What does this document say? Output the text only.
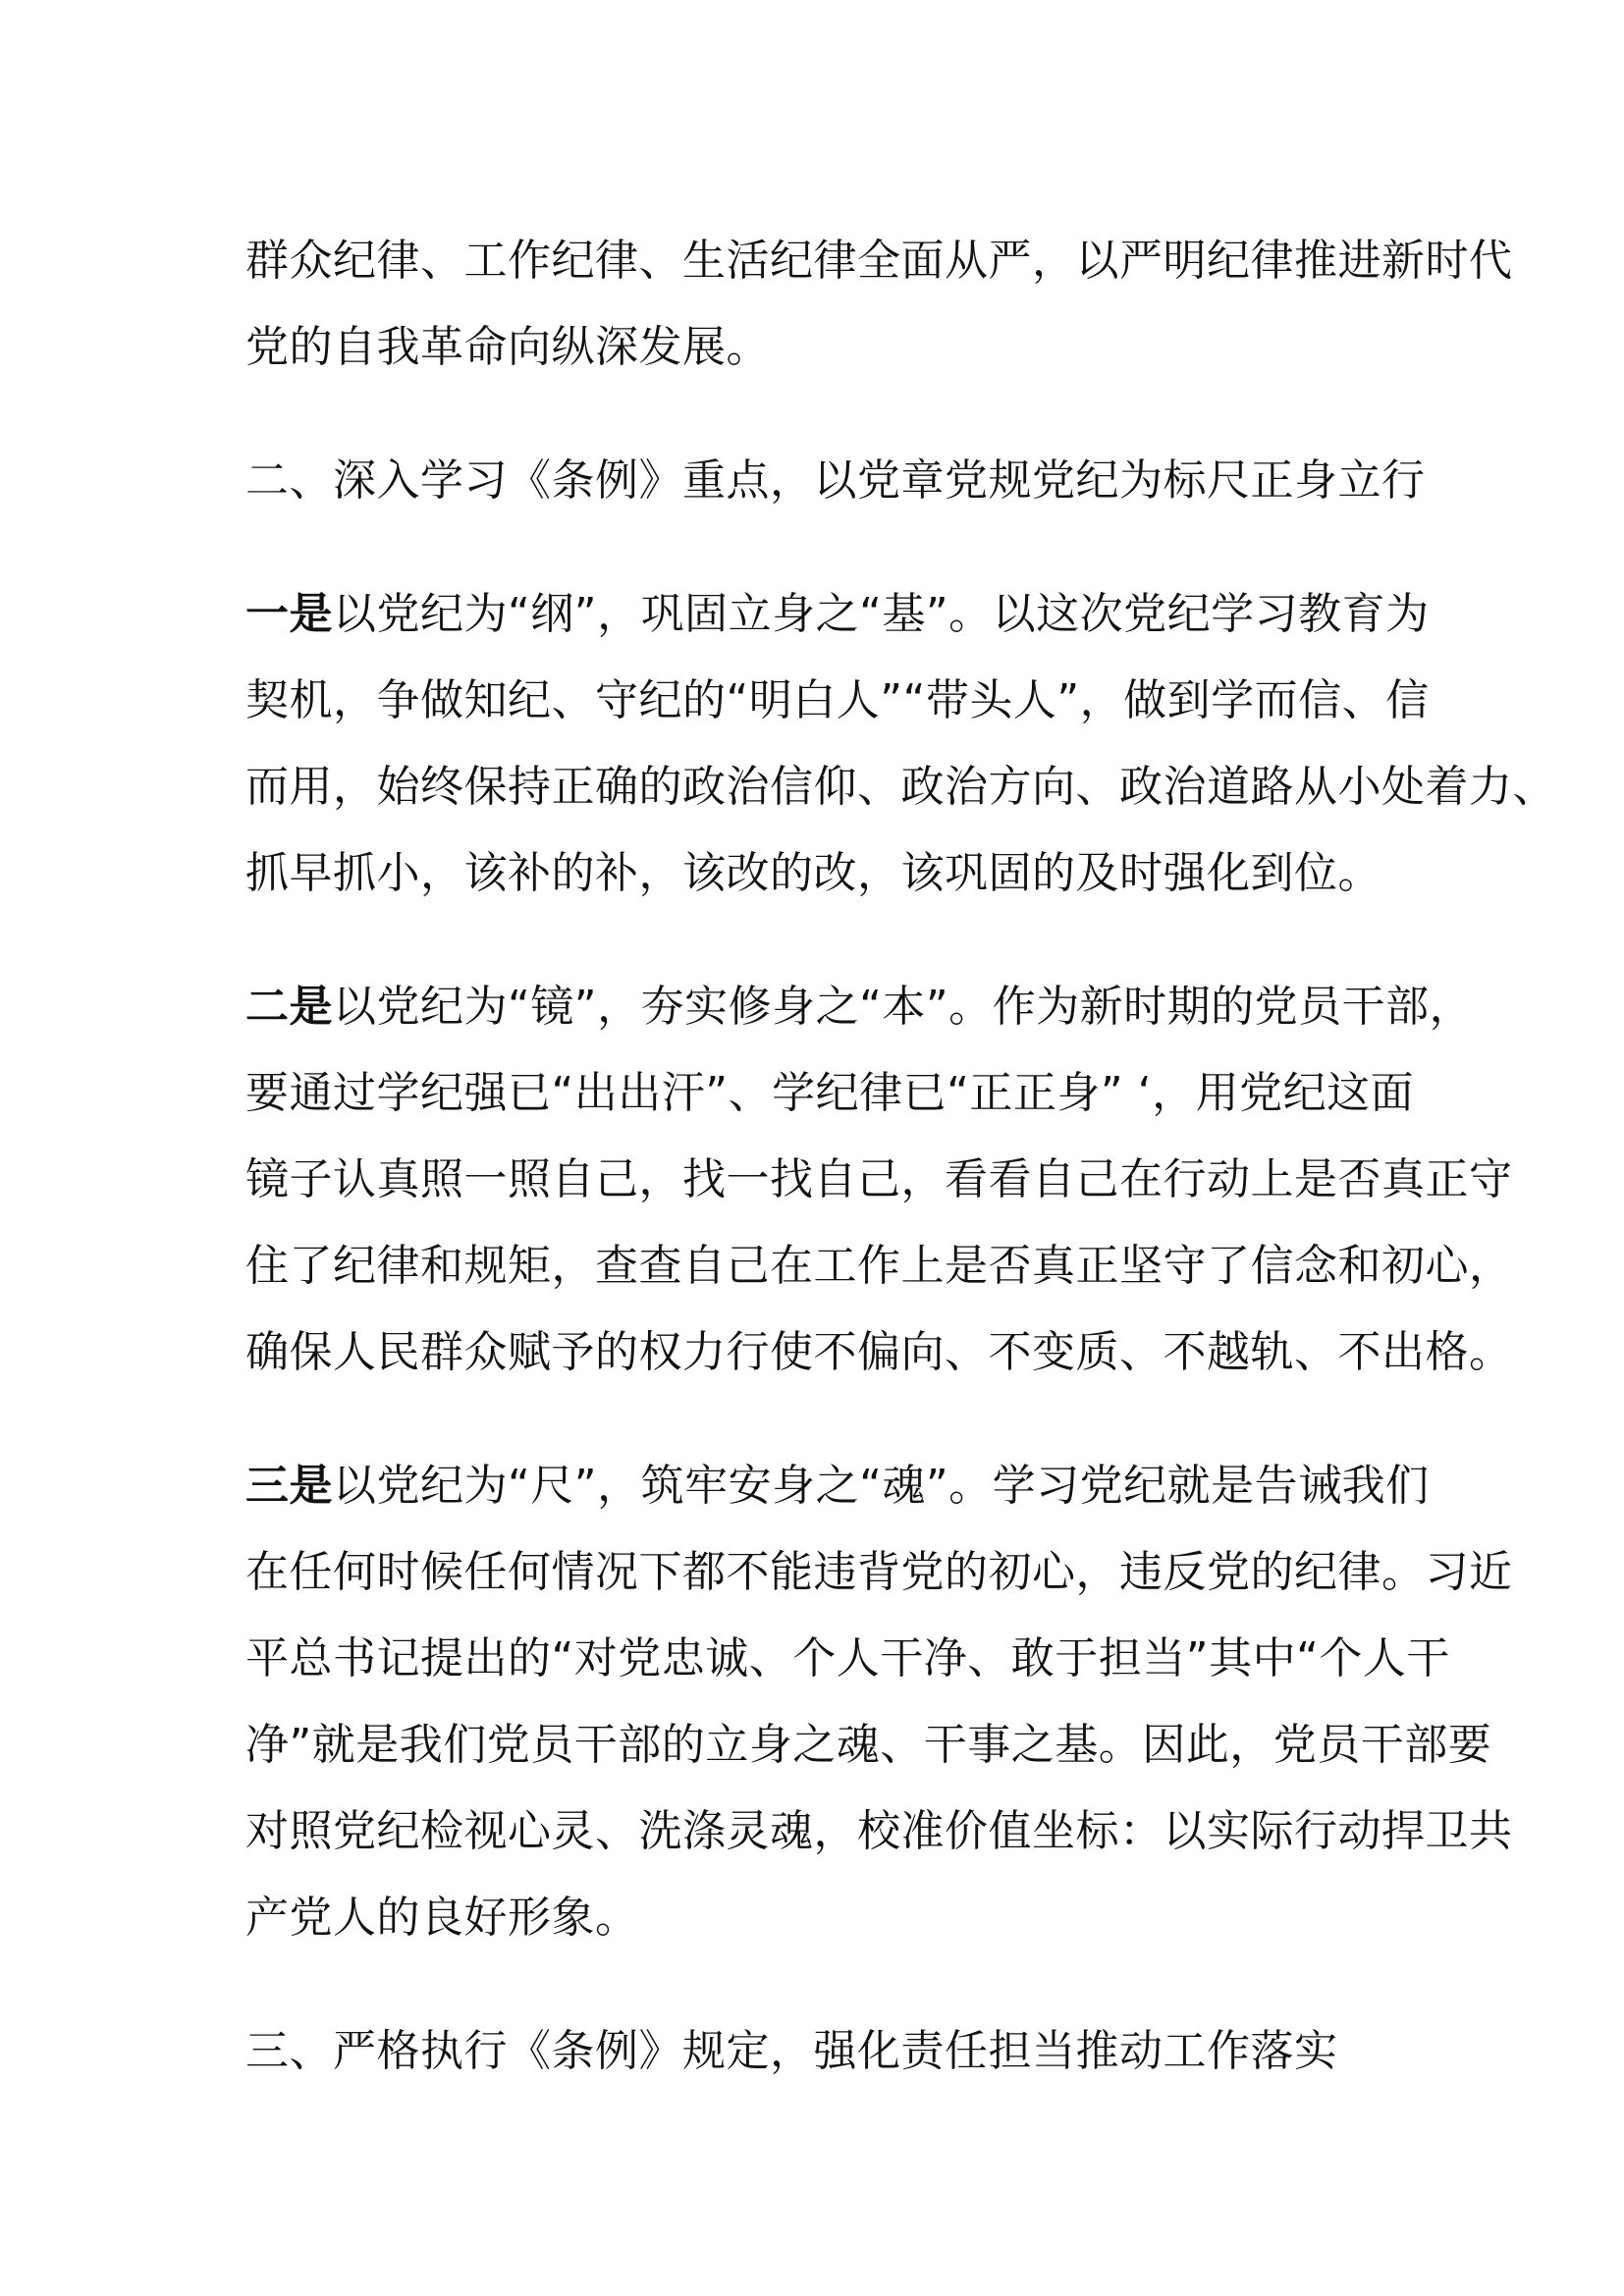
群众纪律、工作纪律、生活纪律全面从严，以严明纪律推进新时代
党的自我革命向纵深发展。
二、深入学习《条例》重点，以党章党规党纪为标尺正身立行
一是以党纪为“纲”，巩固立身之“基”。以这次党纪学习教育为
契机，争做知纪、守纪的“明白人”“带头人”，做到学而信、信
而用，始终保持正确的政治信仰、政治方向、政治道路从小处着力、
抓早抓小，该补的补，该改的改，该巩固的及时强化到位。
二是以党纪为“镜”，夯实修身之“本”。作为新时期的党员干部，
要通过学纪强已“出出汗”、学纪律已“正正身” ‘，用党纪这面
镜子认真照一照自己，找一找自己，看看自己在行动上是否真正守
住了纪律和规矩，查查自己在工作上是否真正坚守了信念和初心，
确保人民群众赋予的权力行使不偏向、不变质、不越轨、不出格。
三是以党纪为“尺”，筑牢安身之“魂”。学习党纪就是告诫我们
在任何时候任何情况下都不能违背党的初心，违反党的纪律。习近
平总书记提出的“对党忠诚、个人干净、敢于担当”其中“个人干
净”就是我们党员干部的立身之魂、干事之基。因此，党员干部要
对照党纪检视心灵、洗涤灵魂，校准价值坐标：以实际行动捍卫共
产党人的良好形象。
三、严格执行《条例》规定，强化责任担当推动工作落实
